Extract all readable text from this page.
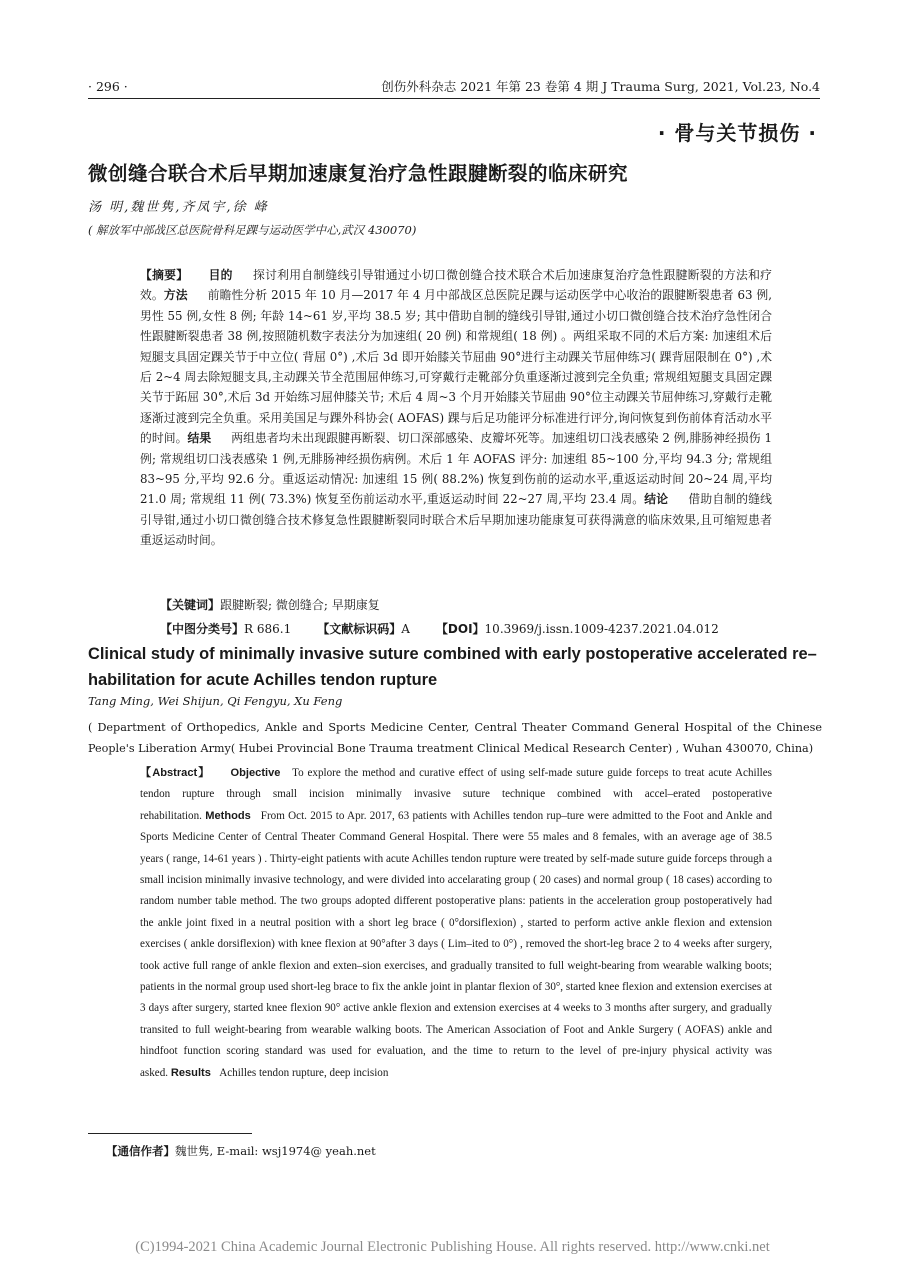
· 296 ·	创伤外科杂志 2021 年第 23 卷第 4 期 J Trauma Surg, 2021, Vol.23, No.4
· 骨与关节损伤 ·
微创缝合联合术后早期加速康复治疗急性跟腱断裂的临床研究
汤 明,魏世隽,齐凤宇,徐 峰
( 解放军中部战区总医院骨科足踝与运动医学中心,武汉 430070)
【摘要】 目的 探讨利用自制缝线引导钳通过小切口微创缝合技术联合术后加速康复治疗急性跟腱断裂的方法和疗效。方法 前瞻性分析 2015 年 10 月—2017 年 4 月中部战区总医院足踝与运动医学中心收治的跟腱断裂患者 63 例,男性 55 例,女性 8 例; 年龄 14~61 岁,平均 38.5 岁; 其中借助自制的缝线引导钳,通过小切口微创缝合技术治疗急性闭合性跟腱断裂患者 38 例,按照随机数字表法分为加速组( 20 例) 和常规组( 18 例) 。两组采取不同的术后方案: 加速组术后短腿支具固定踝关节于中立位( 背屈 0°) ,术后 3d 即开始膝关节屈曲 90°进行主动踝关节屈伸练习( 踝背屈限制在 0°) ,术后 2~4 周去除短腿支具,主动踝关节全范围屈伸练习,可穿戴行走靴部分负重逐渐过渡到完全负重; 常规组短腿支具固定踝关节于跖屈 30°,术后 3d 开始练习屈伸膝关节; 术后 4 周~3 个月开始膝关节屈曲 90°位主动踝关节屈伸练习,穿戴行走靴逐渐过渡到完全负重。采用美国足与踝外科协会( AOFAS) 踝与后足功能评分标准进行评分,询问恢复到伤前体育活动水平的时间。结果 两组患者均未出现跟腱再断裂、切口深部感染、皮瓣坏死等。加速组切口浅表感染 2 例,腓肠神经损伤 1 例; 常规组切口浅表感染 1 例,无腓肠神经损伤病例。术后 1 年 AOFAS 评分: 加速组 85~100 分,平均 94.3 分; 常规组 83~95 分,平均 92.6 分。重返运动情况: 加速组 15 例( 88.2%) 恢复到伤前的运动水平,重返运动时间 20~24 周,平均 21.0 周; 常规组 11 例( 73.3%) 恢复至伤前运动水平,重返运动时间 22~27 周,平均 23.4 周。结论 借助自制的缝线引导钳,通过小切口微创缝合技术修复急性跟腱断裂同时联合术后早期加速功能康复可获得满意的临床效果,且可缩短患者重返运动时间。
【关键词】跟腱断裂; 微创缝合; 早期康复
【中图分类号】R 686.1 【文献标识码】A 【DOI】10.3969/j.issn.1009-4237.2021.04.012
Clinical study of minimally invasive suture combined with early postoperative accelerated re–habilitation for acute Achilles tendon rupture
Tang Ming, Wei Shijun, Qi Fengyu, Xu Feng
( Department of Orthopedics, Ankle and Sports Medicine Center, Central Theater Command General Hospital of the Chinese People's Liberation Army( Hubei Provincial Bone Trauma treatment Clinical Medical Research Center) , Wuhan 430070, China)
【Abstract】 Objective To explore the method and curative effect of using self-made suture guide forceps to treat acute Achilles tendon rupture through small incision minimally invasive suture technique combined with accel–erated postoperative rehabilitation. Methods From Oct. 2015 to Apr. 2017, 63 patients with Achilles tendon rup–ture were admitted to the Foot and Ankle and Sports Medicine Center of Central Theater Command General Hospital. There were 55 males and 8 females, with an average age of 38.5 years ( range, 14-61 years ) . Thirty-eight patients with acute Achilles tendon rupture were treated by self-made suture guide forceps through a small incision minimally invasive technology, and were divided into accelarating group ( 20 cases) and normal group ( 18 cases) according to random number table method. The two groups adopted different postoperative plans: patients in the acceleration group postoperatively had the ankle joint fixed in a neutral position with a short leg brace ( 0°dorsiflexion) , started to perform active ankle flexion and extension exercises ( ankle dorsiflexion) with knee flexion at 90°after 3 days ( Lim–ited to 0°) , removed the short-leg brace 2 to 4 weeks after surgery, took active full range of ankle flexion and exten–sion exercises, and gradually transited to full weight-bearing from wearable walking boots; patients in the normal group used short-leg brace to fix the ankle joint in plantar flexion of 30°, started knee flexion and extension exercises at 3 days after surgery, started knee flexion 90° active ankle flexion and extension exercises at 4 weeks to 3 months after surgery, and gradually transited to full weight-bearing from wearable walking boots. The American Association of Foot and Ankle Surgery ( AOFAS) ankle and hindfoot function scoring standard was used for evaluation, and the time to return to the level of pre-injury physical activity was asked. Results Achilles tendon rupture, deep incision
【通信作者】魏世隽, E-mail: wsj1974@ yeah.net
(C)1994-2021 China Academic Journal Electronic Publishing House. All rights reserved. http://www.cnki.net
